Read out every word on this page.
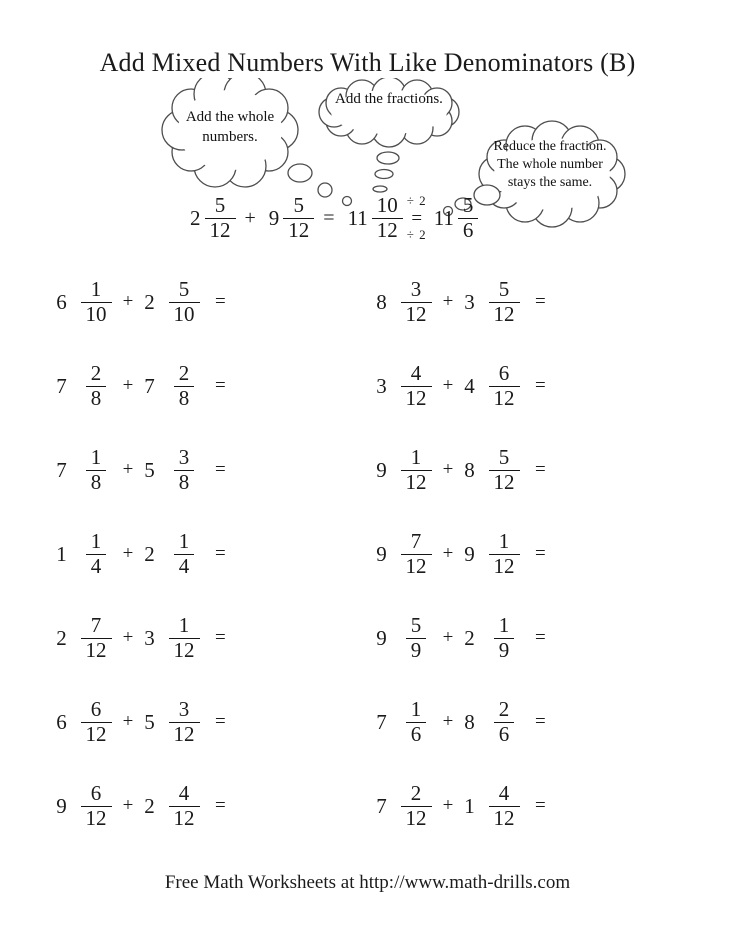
Add Mixed Numbers With Like Denominators (B)
Add the whole numbers.
Add the fractions.
Reduce the fraction. The whole number stays the same.
$2 \frac{5}{12} + 9 \frac{5}{12} = 11 \frac{10}{12} \div 2$
=
÷ 2
$11 \frac{5}{6}$
$6 \frac{1}{10} + 2 \frac{5}{10}$ =
$7 \frac{2}{8} + 7 \frac{2}{8}$ =
$7 \frac{1}{8} + 5 \frac{3}{8}$ =
$1 \frac{1}{4} + 2 \frac{1}{4}$ =
$2 \frac{7}{12} + 3 \frac{1}{12}$ =
$6 \frac{6}{12} + 5 \frac{3}{12}$ =
$9 \frac{6}{12} + 2 \frac{4}{12}$ =
$8 \frac{3}{12} + 3 \frac{5}{12}$ =
$3 \frac{4}{12} + 4 \frac{6}{12}$ =
$9 \frac{1}{12} + 8 \frac{5}{12}$ =
$9 \frac{7}{12} + 9 \frac{1}{12}$ =
$9 \frac{5}{9} + 2 \frac{1}{9}$ =
$7 \frac{1}{6} + 8 \frac{2}{6}$ =
$7 \frac{2}{12} + 1 \frac{4}{12}$ =
Free Math Worksheets at http://www.math-drills.com
